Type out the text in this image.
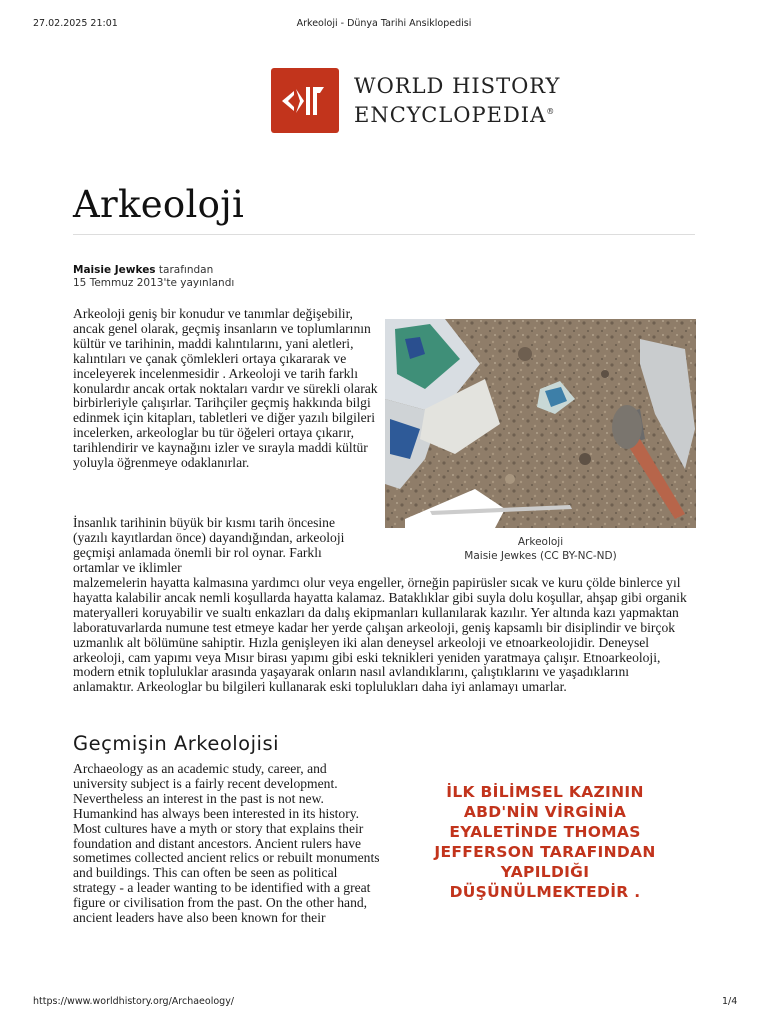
27.02.2025 21:01	Arkeoloji - Dünya Tarihi Ansiklopedisi
WORLD HISTORY
ENCYCLOPEDIA®
Arkeoloji
Maisie Jewkes tarafından
15 Temmuz 2013'te yayınlandı
Arkeoloji geniş bir konudur ve tanımlar değişebilir, ancak genel olarak, geçmiş insanların ve toplumlarının kültür ve tarihinin, maddi kalıntılarını, yani aletleri, kalıntıları ve çanak çömlekleri ortaya çıkararak ve inceleyerek incelenmesidir . Arkeoloji ve tarih farklı konulardır ancak ortak noktaları vardır ve sürekli olarak birbirleriyle çalışırlar. Tarihçiler geçmiş hakkında bilgi edinmek için kitapları, tabletleri ve diğer yazılı bilgileri incelerken, arkeologlar bu tür öğeleri ortaya çıkarır, tarihlendirir ve kaynağını izler ve sırayla maddi kültür yoluyla öğrenmeye odaklanırlar.
Arkeoloji
Maisie Jewkes (CC BY-NC-ND)
İnsanlık tarihinin büyük bir kısmı tarih öncesine (yazılı kayıtlardan önce) dayandığından, arkeoloji geçmişi anlamada önemli bir rol oynar. Farklı ortamlar ve iklimler
malzemelerin hayatta kalmasına yardımcı olur veya engeller, örneğin papirüsler sıcak ve kuru çölde binlerce yıl hayatta kalabilir ancak nemli koşullarda hayatta kalamaz. Bataklıklar gibi suyla dolu koşullar, ahşap gibi organik materyalleri koruyabilir ve sualtı enkazları da dalış ekipmanları kullanılarak kazılır. Yer altında kazı yapmaktan laboratuvarlarda numune test etmeye kadar her yerde çalışan arkeoloji, geniş kapsamlı bir disiplindir ve birçok uzmanlık alt bölümüne sahiptir. Hızla genişleyen iki alan deneysel arkeoloji ve etnoarkeolojidir. Deneysel arkeoloji, cam yapımı veya Mısır birası yapımı gibi eski teknikleri yeniden yaratmaya çalışır. Etnoarkeoloji, modern etnik topluluklar arasında yaşayarak onların nasıl avlandıklarını, çalıştıklarını ve yaşadıklarını anlamaktır. Arkeologlar bu bilgileri kullanarak eski toplulukları daha iyi anlamayı umarlar.
Geçmişin Arkeolojisi
Archaeology as an academic study, career, and university subject is a fairly recent development. Nevertheless an interest in the past is not new. Humankind has always been interested in its history. Most cultures have a myth or story that explains their foundation and distant ancestors. Ancient rulers have sometimes collected ancient relics or rebuilt monuments and buildings. This can often be seen as political strategy - a leader wanting to be identified with a great figure or civilisation from the past. On the other hand, ancient leaders have also been known for their
İLK BİLİMSEL KAZININ ABD'NİN VİRGİNİA EYALETİNDE THOMAS JEFFERSON TARAFINDAN YAPILDIĞI DÜŞÜNÜLMEKTEDİR .
https://www.worldhistory.org/Archaeology/	1/4
